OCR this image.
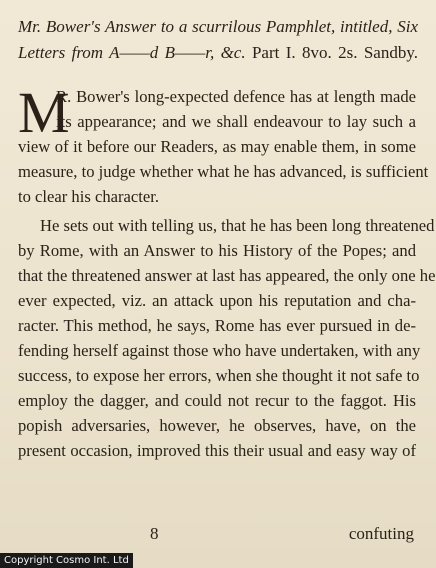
Mr. Bower's Answer to a scurrilous Pamphlet, intitled, Six
Letters from A——d B——r, &c. Part I. 8vo. 2s. Sandby.
M
R. Bower's long-expected defence has at length made
its appearance; and we shall endeavour to lay such a
view of it before our Readers, as may enable them, in some
measure, to judge whether what he has advanced, is sufficient
to clear his character.
He sets out with telling us, that he has been long threatened
by Rome, with an Answer to his History of the Popes; and
that the threatened answer at last has appeared, the only one he
ever expected, viz. an attack upon his reputation and cha-
racter. This method, he says, Rome has ever pursued in de-
fending herself against those who have undertaken, with any
success, to expose her errors, when she thought it not safe to
employ the dagger, and could not recur to the faggot. His
popish adversaries, however, he observes, have, on the
present occasion, improved this their usual and easy way of
8	confuting
Copyright Cosmo Int. Ltd
